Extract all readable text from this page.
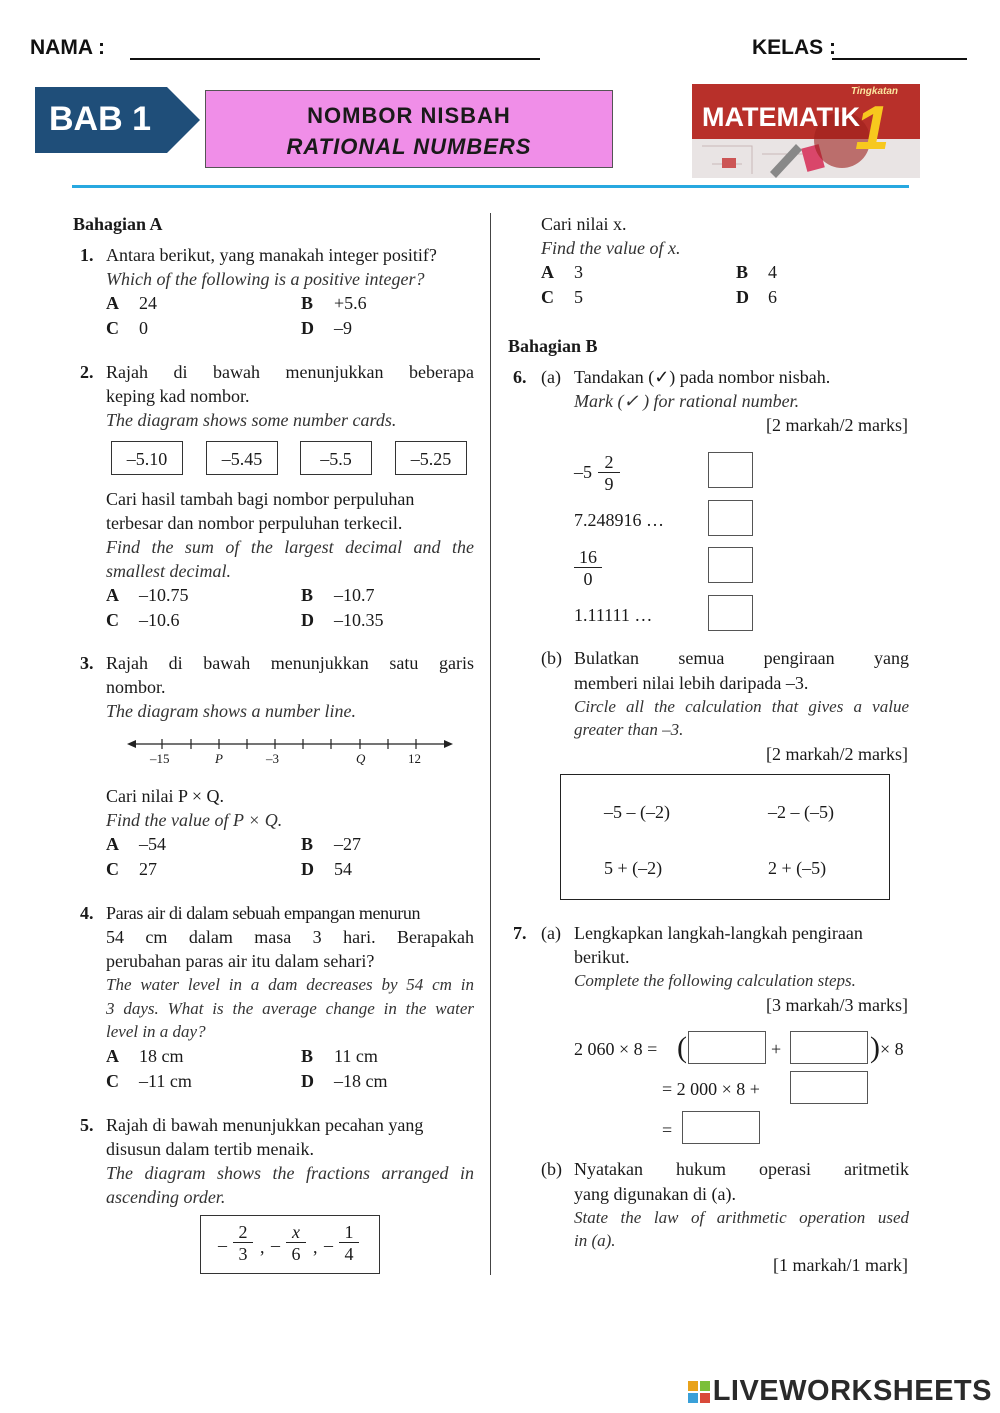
NAMA :	KELAS :
BAB 1	NOMBOR NISBAH
RATIONAL NUMBERS
Tingkatan
MATEMATIK
1
Bahagian A
1. Antara berikut, yang manakah integer positif?
Which of the following is a positive integer?
A 24	B +5.6
C 0	D –9
2. Rajah di bawah menunjukkan beberapa
keping kad nombor.
The diagram shows some number cards.
–5.10	–5.45	–5.5	–5.25
Cari hasil tambah bagi nombor perpuluhan
terbesar dan nombor perpuluhan terkecil.
Find the sum of the largest decimal and the
smallest decimal.
A –10.75	B –10.7
C –10.6	D –10.35
3. Rajah di bawah menunjukkan satu garis
nombor.
The diagram shows a number line.
–15	P	–3	Q	12
Cari nilai P × Q.
Find the value of P × Q.
A –54	B –27
C 27	D 54
4. Paras air di dalam sebuah empangan menurun
54 cm dalam masa 3 hari. Berapakah
perubahan paras air itu dalam sehari?
The water level in a dam decreases by 54 cm in
3 days. What is the average change in the water
level in a day?
A 18 cm	B 11 cm
C –11 cm	D –18 cm
5. Rajah di bawah menunjukkan pecahan yang
disusun dalam tertib menaik.
The diagram shows the fractions arranged in
ascending order.
– $\frac{2}{3}$ , – $\frac{x}{6}$ , – $\frac{1}{4}$
Cari nilai x.
Find the value of x.
A 3	B 4
C 5	D 6
Bahagian B
6. (a) Tandakan (✓) pada nombor nisbah.
Mark (✓ ) for rational number.
[2 markah/2 marks]
$-5 \frac{2}{9}$
7.248916 …
$\frac{16}{0}$
1.11111 …
(b) Bulatkan semua pengiraan yang
memberi nilai lebih daripada –3.
Circle all the calculation that gives a value
greater than –3.
[2 markah/2 marks]
–5 – (–2)	–2 – (–5)
5 + (–2)	2 + (–5)
7. (a) Lengkapkan langkah-langkah pengiraan
berikut.
Complete the following calculation steps.
[3 markah/3 marks]
2 060 × 8 = (	+	) × 8
= 2 000 × 8 +
=
(b) Nyatakan hukum operasi aritmetik
yang digunakan di (a).
State the law of arithmetic operation used
in (a).
[1 markah/1 mark]
LIVEWORKSHEETS
